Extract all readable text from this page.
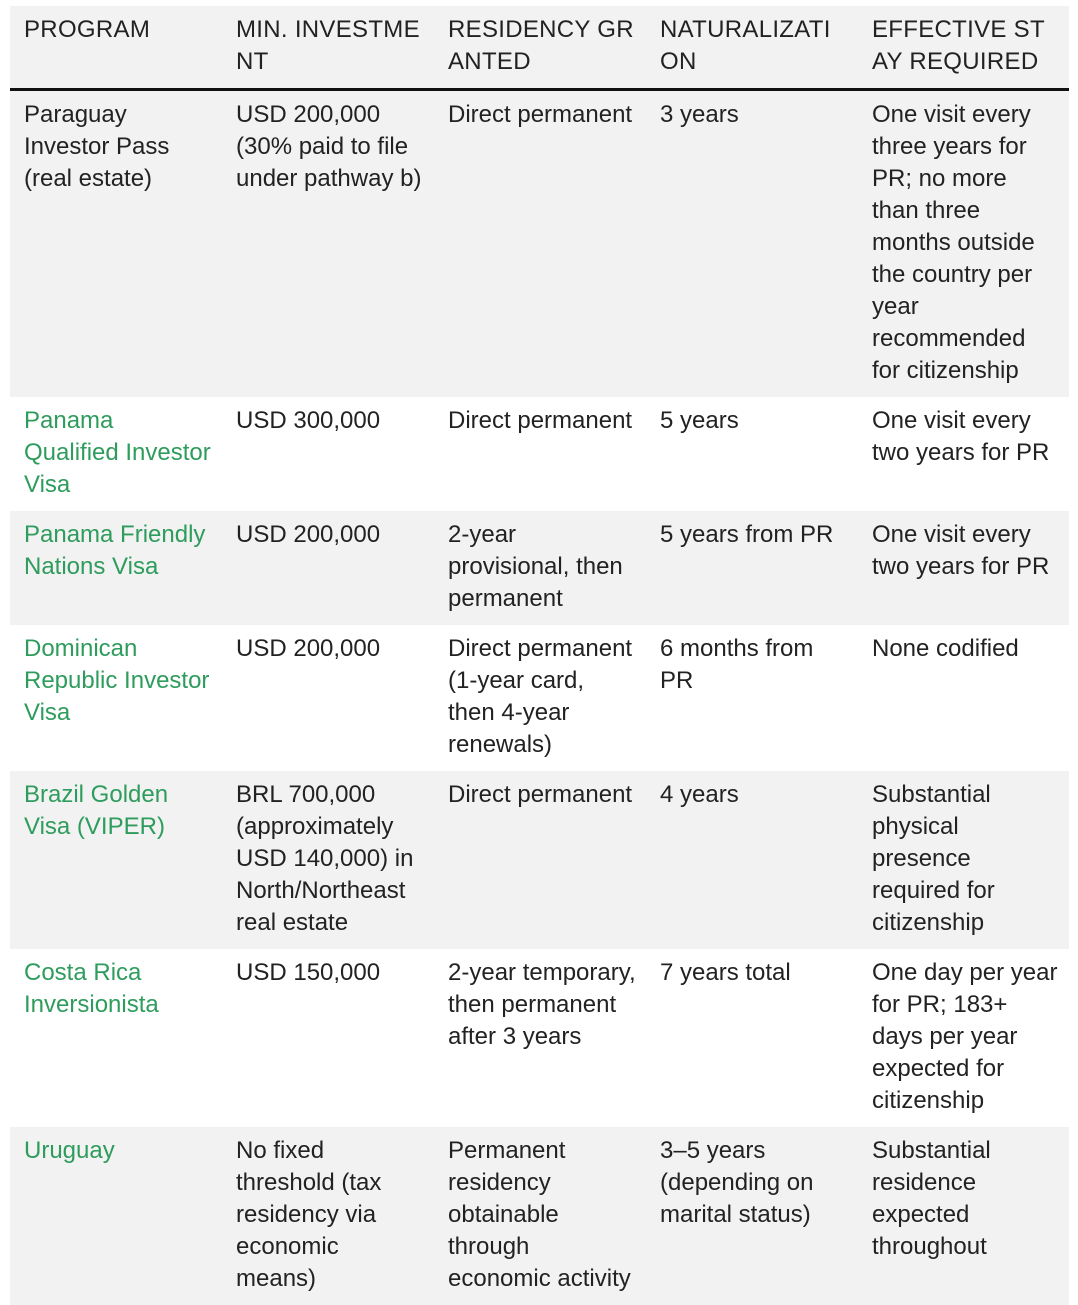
PROGRAM	MIN. INVESTMENT	RESIDENCY GRANTED	NATURALIZATION	EFFECTIVE STAY REQUIRED
Paraguay Investor Pass (real estate)	USD 200,000 (30% paid to file under pathway b)	Direct permanent	3 years	One visit every three years for PR; no more than three months outside the country per year recommended for citizenship
Panama Qualified Investor Visa	USD 300,000	Direct permanent	5 years	One visit every two years for PR
Panama Friendly Nations Visa	USD 200,000	2-year provisional, then permanent	5 years from PR	One visit every two years for PR
Dominican Republic Investor Visa	USD 200,000	Direct permanent (1-year card, then 4-year renewals)	6 months from PR	None codified
Brazil Golden Visa (VIPER)	BRL 700,000 (approximately USD 140,000) in North/Northeast real estate	Direct permanent	4 years	Substantial physical presence required for citizenship
Costa Rica Inversionista	USD 150,000	2-year temporary, then permanent after 3 years	7 years total	One day per year for PR; 183+ days per year expected for citizenship
Uruguay	No fixed threshold (tax residency via economic means)	Permanent residency obtainable through economic activity	3–5 years (depending on marital status)	Substantial residence expected throughout
